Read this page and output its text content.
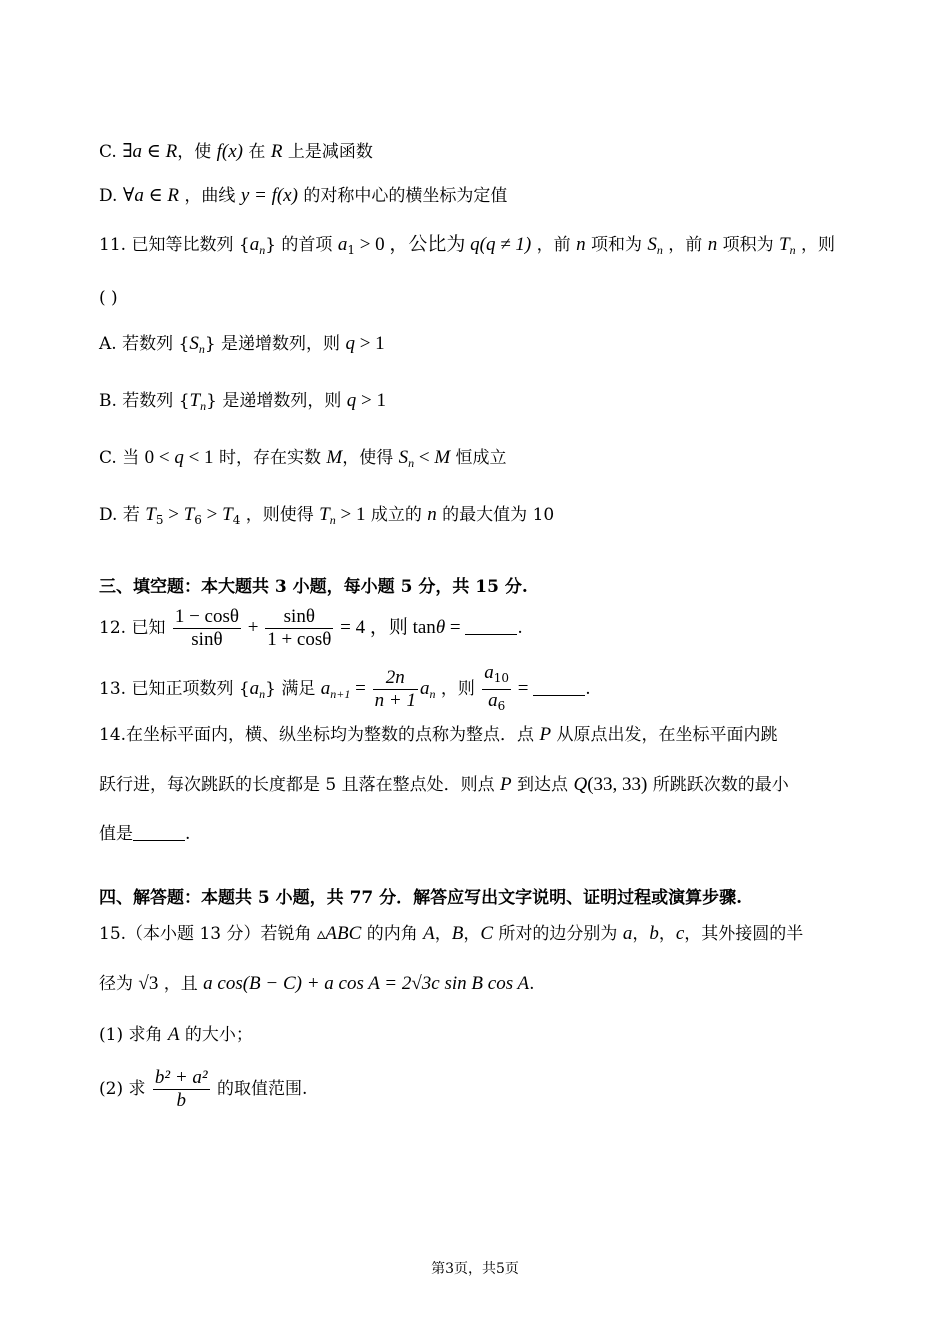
C. ∃a ∈ R，使 f(x) 在 R 上是减函数
D. ∀a ∈ R ，曲线 y = f(x) 的对称中心的横坐标为定值
11. 已知等比数列 $\{a_n\}$ 的首项 $a_1 > 0$ ，公比为 q(q ≠ 1) ，前 n 项和为 $S_n$ ，前 n 项积为 $T_n$ ，则
( )
A. 若数列 $\{S_n\}$ 是递增数列，则 q > 1
B. 若数列 $\{T_n\}$ 是递增数列，则 q > 1
C. 当 0 < q < 1 时，存在实数 M，使得 $S_n < M$ 恒成立
D. 若 $T_5 > T_6 > T_4$ ，则使得 $T_n > 1$ 成立的 n 的最大值为 10
三、填空题：本大题共 3 小题，每小题 5 分，共 15 分.
12. 已知 $\frac{1 - \cos\theta}{\sin\theta} + \frac{\sin\theta}{1 + \cos\theta} = 4$ ，则 tanθ =	.
13. 已知正项数列 $\{a_n\}$ 满足 $a_{n+1} = \frac{2n}{n + 1} a_n$ ，则 $\frac{a_{10}}{a_6}$ =	.
14.在坐标平面内，横、纵坐标均为整数的点称为整点．点 P 从原点出发，在坐标平面内跳
跃行进，每次跳跃的长度都是 5 且落在整点处．则点 P 到达点 Q(33, 33) 所跳跃次数的最小
值是	.
四、解答题：本题共 5 小题，共 77 分．解答应写出文字说明、证明过程或演算步骤.
15.（本小题 13 分）若锐角 ▵ABC 的内角 A，B，C 所对的边分别为 a，b，c，其外接圆的半
径为 √3 ，且 a cos(B − C) + a cos A = 2√3c sin B cos A.
(1) 求角 A 的大小；
(2) 求 $\frac{\text{b² + a²}}{b}$ 的取值范围.
第3页，共5页
